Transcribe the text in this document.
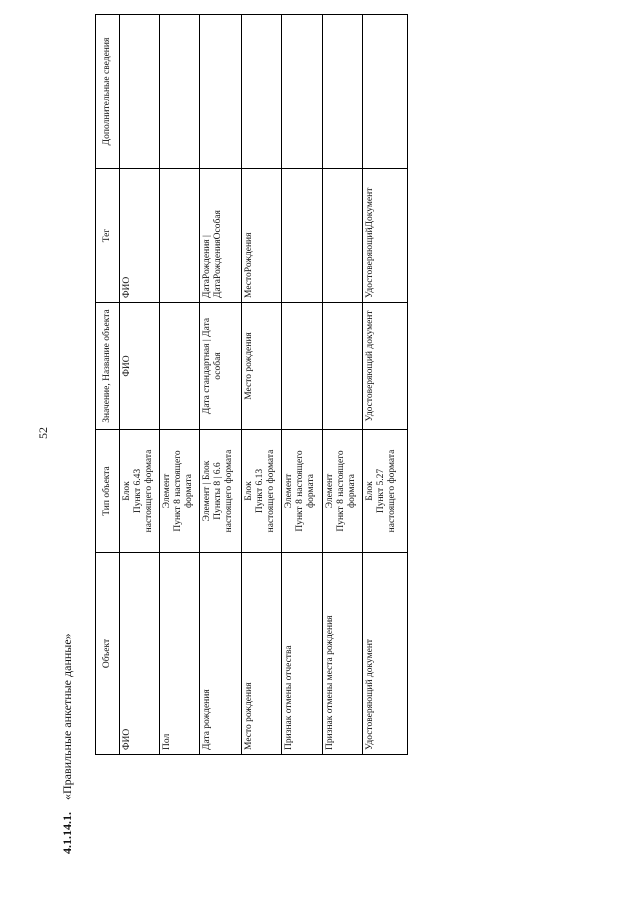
52
4.1.14.1.«Правильные анкетные данные»	Объект	Тип объекта	Значение, Название объекта	Тег	Дополнительные сведения
ФИО	Блок
Пункт 6.43
настоящего формата	ФИО	ФИО	
Пол	Элемент
Пункт 8 настоящего
формата			
Дата рождения	Элемент | Блок
Пункты 8 | 6.6
настоящего формата	Дата стандартная | Дата
особая	ДатаРождения |
ДатаРожденияОсобая	
Место рождения	Блок
Пункт 6.13
настоящего формата	Место рождения	МестоРождения	
Признак отмены отчества	Элемент
Пункт 8 настоящего
формата			
Признак отмены места рождения	Элемент
Пункт 8 настоящего
формата			
Удостоверяющий документ	Блок
Пункт 5.27
настоящего формата	Удостоверяющий документ	УдостоверяющийДокумент	
